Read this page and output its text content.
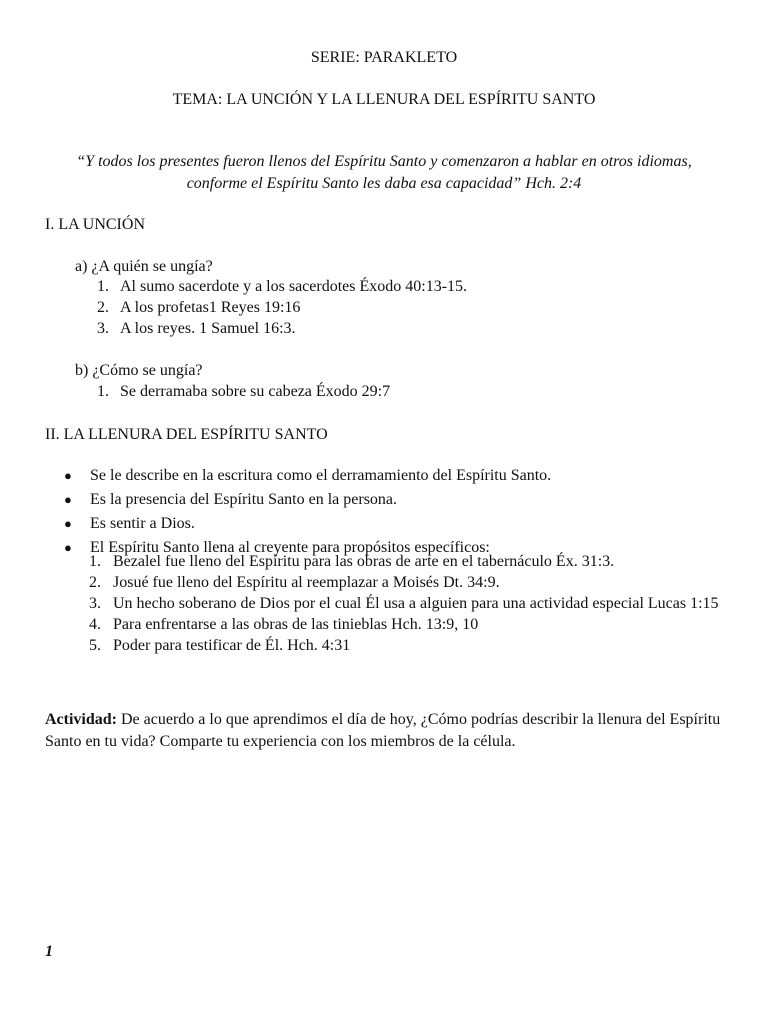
SERIE: PARAKLETO
TEMA: LA UNCIÓN Y LA LLENURA DEL ESPÍRITU SANTO
“Y todos los presentes fueron llenos del Espíritu Santo y comenzaron a hablar en otros idiomas,
conforme el Espíritu Santo les daba esa capacidad” Hch. 2:4
I. LA UNCIÓN
a) ¿A quién se ungía?
1. Al sumo sacerdote y a los sacerdotes Éxodo 40:13-15.
2. A los profetas1 Reyes 19:16
3. A los reyes. 1 Samuel 16:3.
b) ¿Cómo se ungía?
1. Se derramaba sobre su cabeza Éxodo 29:7
II. LA LLENURA DEL ESPÍRITU SANTO
●	Se le describe en la escritura como el derramamiento del Espíritu Santo.
●	Es la presencia del Espíritu Santo en la persona.
●	Es sentir a Dios.
●	El Espíritu Santo llena al creyente para propósitos específicos:
1. Bezalel fue lleno del Espíritu para las obras de arte en el tabernáculo Éx. 31:3.
2. Josué fue lleno del Espíritu al reemplazar a Moisés Dt. 34:9.
3. Un hecho soberano de Dios por el cual Él usa a alguien para una actividad especial Lucas 1:15
4. Para enfrentarse a las obras de las tinieblas Hch. 13:9, 10
5. Poder para testificar de Él. Hch. 4:31
Actividad: De acuerdo a lo que aprendimos el día de hoy, ¿Cómo podrías describir la llenura del Espíritu Santo en tu vida? Comparte tu experiencia con los miembros de la célula.
1
